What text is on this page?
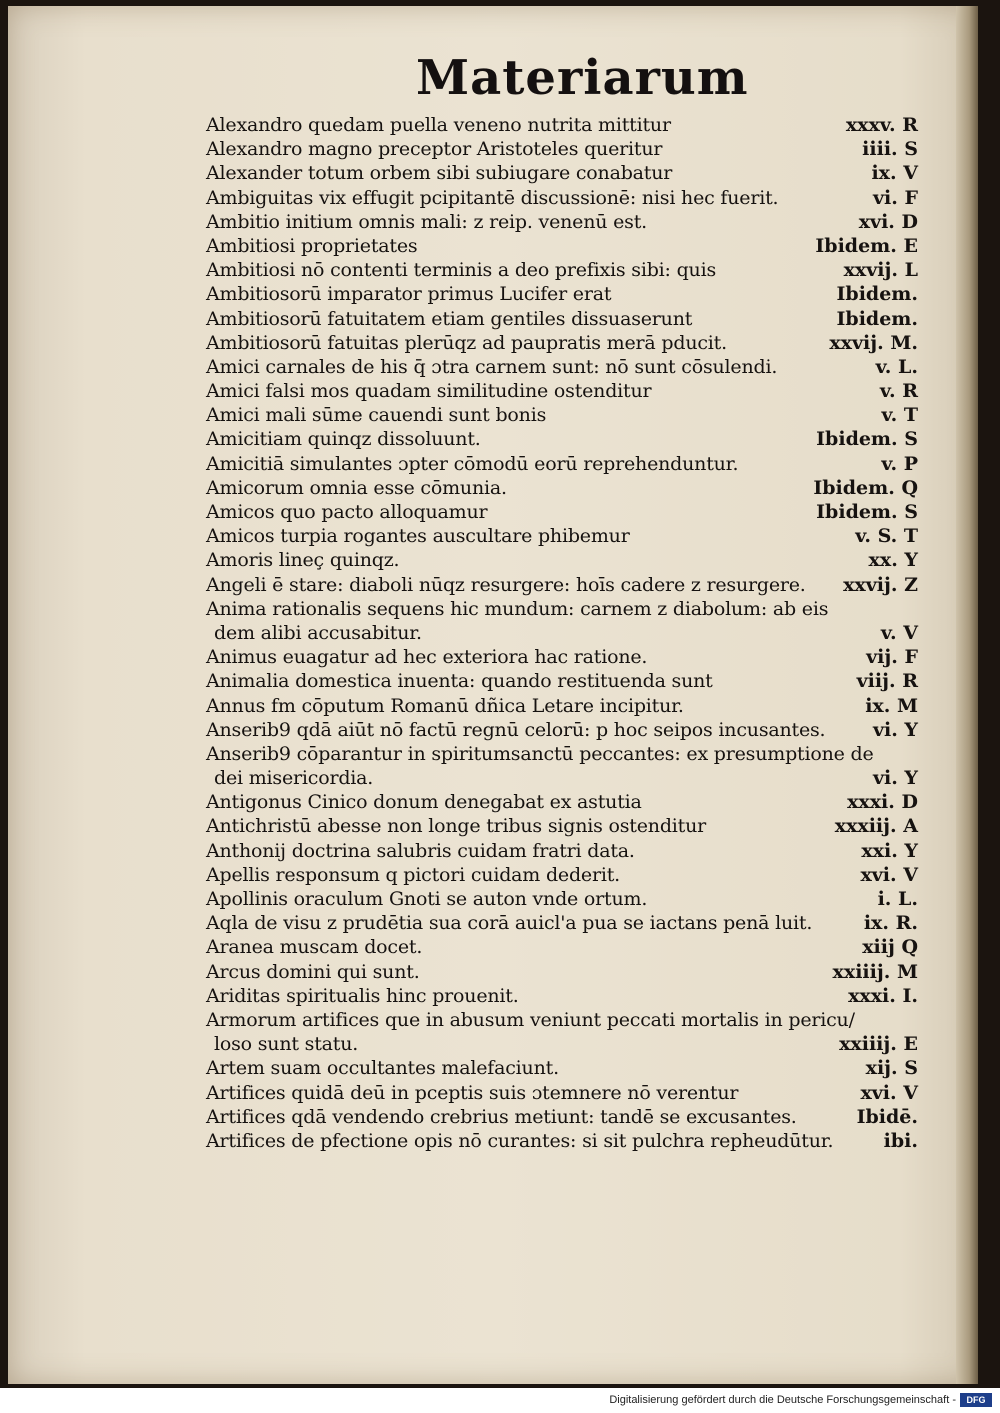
Materiarum
Alexandro quedam puella veneno nutrita mittitur	xxxv. R
Alexandro magno preceptor Aristoteles queritur	iiii. S
Alexander totum orbem sibi subiugare conabatur	ix. V
Ambiguitas vix effugit pcipitantē discussionē: nisi hec fuerit.	vi. F
Ambitio initium omnis mali: z reip. venenū est.	xvi. D
Ambitiosi proprietates	Ibidem. E
Ambitiosi nō contenti terminis a deo prefixis sibi: quis	xxvij. L
Ambitiosorū imparator primus Lucifer erat	Ibidem.
Ambitiosorū fatuitatem etiam gentiles dissuaserunt	Ibidem.
Ambitiosorū fatuitas plerūqz ad paupratis merā pducit.	xxvij. M.
Amici carnales de his q̄ ɔtra carnem sunt: nō sunt cōsulendi.	v. L.
Amici falsi mos quadam similitudine ostenditur	v. R
Amici mali sūme cauendi sunt bonis	v. T
Amicitiam quinqz dissoluunt.	Ibidem. S
Amicitiā simulantes ɔpter cōmodū eorū reprehenduntur.	v. P
Amicorum omnia esse cōmunia.	Ibidem. Q
Amicos quo pacto alloquamur	Ibidem. S
Amicos turpia rogantes auscultare phibemur	v. S. T
Amoris lineç quinqz.	xx. Y
Angeli ē stare: diaboli nūqz resurgere: hoīs cadere z resurgere. xxvij. Z
Anima rationalis sequens hic mundum: carnem z diabolum: ab eis
dem alibi accusabitur.	v. V
Animus euagatur ad hec exteriora hac ratione.	vij. F
Animalia domestica inuenta: quando restituenda sunt	viij. R
Annus fm cōputum Romanū dñica Letare incipitur.	ix. M
Anserib9 qdā aiūt nō factū regnū celorū: p hoc seipos incusantes.	vi. Y
Anserib9 cōparantur in spiritumsanctū peccantes: ex presumptione de
dei misericordia.	vi. Y
Antigonus Cinico donum denegabat ex astutia	xxxi. D
Antichristū abesse non longe tribus signis ostenditur	xxxiij. A
Anthonij doctrina salubris cuidam fratri data.	xxi. Y
Apellis responsum q pictori cuidam dederit.	xvi. V
Apollinis oraculum Gnoti se auton vnde ortum.	i. L.
Aqla de visu z prudētia sua corā auicl'a pua se iactans penā luit.	ix. R.
Aranea muscam docet.	xiij Q
Arcus domini qui sunt.	xxiiij. M
Ariditas spiritualis hinc prouenit.	xxxi. I.
Armorum artifices que in abusum veniunt peccati mortalis in pericu/
loso sunt statu.	xxiiij. E
Artem suam occultantes malefaciunt.	xij. S
Artifices quidā deū in pceptis suis ɔtemnere nō verentur	xvi. V
Artifices qdā vendendo crebrius metiunt: tandē se excusantes.	Ibidē.
Artifices de pfectione opis nō curantes: si sit pulchra repheudūtur.	ibi.
Digitalisierung gefördert durch die Deutsche Forschungsgemeinschaft -	DFG
